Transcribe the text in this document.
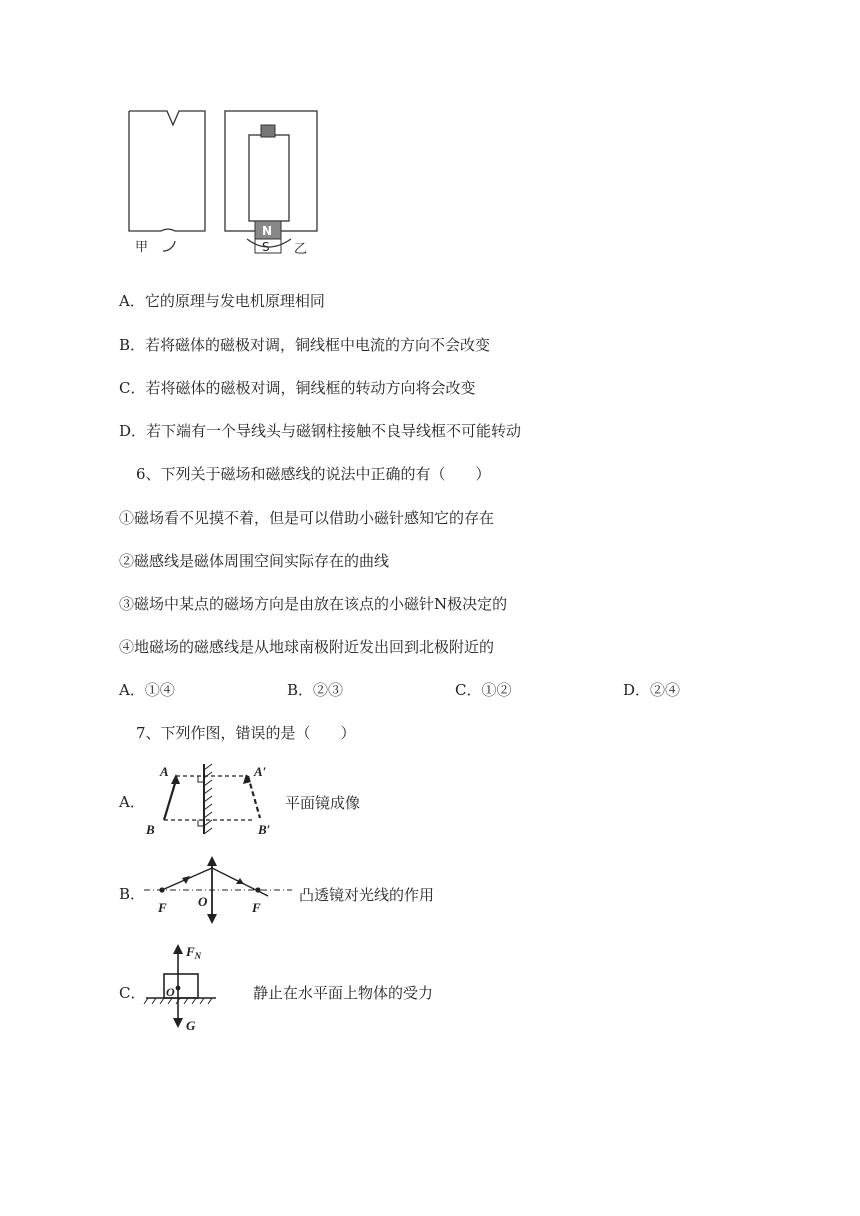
甲
N
S 乙
A．它的原理与发电机原理相同
B．若将磁体的磁极对调，铜线框中电流的方向不会改变
C．若将磁体的磁极对调，铜线框的转动方向将会改变
D．若下端有一个导线头与磁钢柱接触不良导线框不可能转动
6、下列关于磁场和磁感线的说法中正确的有（　　）
①磁场看不见摸不着，但是可以借助小磁针感知它的存在
②磁感线是磁体周围空间实际存在的曲线
③磁场中某点的磁场方向是由放在该点的小磁针N极决定的
④地磁场的磁感线是从地球南极附近发出回到北极附近的
A．①④	B．②③	C．①②	D．②④
7、下列作图，错误的是（　　）
A．
A	A′
B	B′
平面镜成像
B．
F O	F
凸透镜对光线的作用
C．
$F_N$
O
G
静止在水平面上物体的受力
